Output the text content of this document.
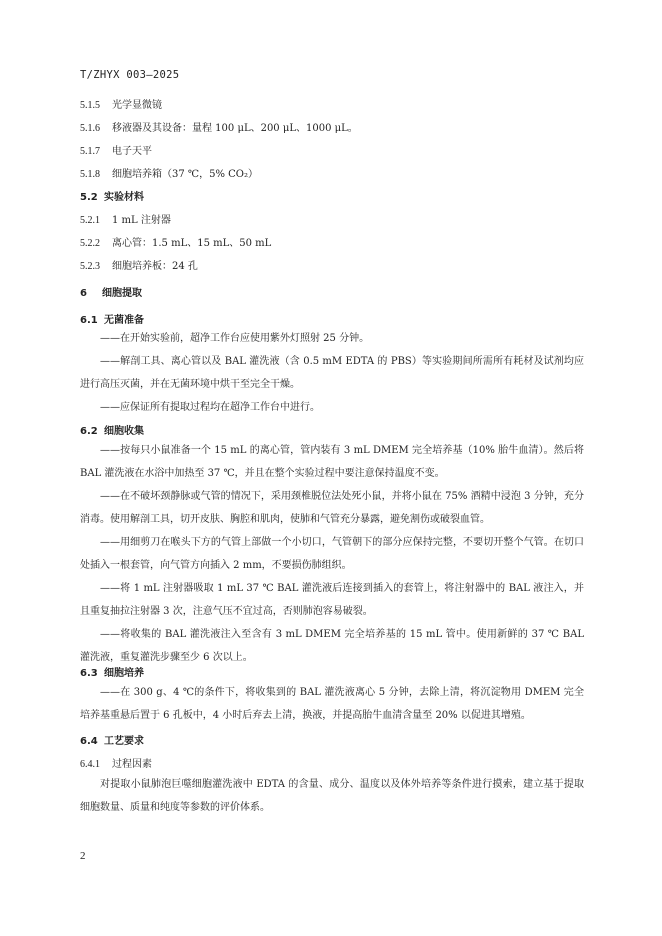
T/ZHYX 003—2025
5.1.5 光学显微镜
5.1.6 移液器及其设备：量程 100 μL、200 μL、1000 μL。
5.1.7 电子天平
5.1.8 细胞培养箱（37 ℃，5% CO₂）
5.2 实验材料
5.2.1 1 mL 注射器
5.2.2 离心管：1.5 mL、15 mL、50 mL
5.2.3 细胞培养板：24 孔
6 细胞提取
6.1 无菌准备

——在开始实验前，超净工作台应使用紫外灯照射 25 分钟。

——解剖工具、离心管以及 BAL 灌洗液（含 0.5 mM EDTA 的 PBS）等实验期间所需所有耗材及试剂均应进行高压灭菌，并在无菌环境中烘干至完全干燥。

——应保证所有提取过程均在超净工作台中进行。

6.2 细胞收集

——按每只小鼠准备一个 15 mL 的离心管，管内装有 3 mL DMEM 完全培养基（10% 胎牛血清）。然后将 BAL 灌洗液在水浴中加热至 37 ℃，并且在整个实验过程中要注意保持温度不变。

——在不破坏颈静脉或气管的情况下，采用颈椎脱位法处死小鼠，并将小鼠在 75% 酒精中浸泡 3 分钟，充分消毒。使用解剖工具，切开皮肤、胸腔和肌肉，使肺和气管充分暴露，避免割伤或破裂血管。

——用细剪刀在喉头下方的气管上部做一个小切口，气管朝下的部分应保持完整，不要切开整个气管。在切口处插入一根套管，向气管方向插入 2 mm，不要损伤肺组织。

——将 1 mL 注射器吸取 1 mL 37 ℃ BAL 灌洗液后连接到插入的套管上，将注射器中的 BAL 液注入，并且重复抽拉注射器 3 次，注意气压不宜过高，否则肺泡容易破裂。

——将收集的 BAL 灌洗液注入至含有 3 mL DMEM 完全培养基的 15 mL 管中。使用新鲜的 37 ℃ BAL 灌洗液，重复灌洗步骤至少 6 次以上。

6.3 细胞培养

——在 300 g、4 ℃的条件下，将收集到的 BAL 灌洗液离心 5 分钟，去除上清，将沉淀物用 DMEM 完全培养基重悬后置于 6 孔板中，4 小时后弃去上清，换液，并提高胎牛血清含量至 20% 以促进其增殖。

6.4 工艺要求
6.4.1 过程因素

对提取小鼠肺泡巨噬细胞灌洗液中 EDTA 的含量、成分、温度以及体外培养等条件进行摸索，建立基于提取细胞数量、质量和纯度等参数的评价体系。

2
